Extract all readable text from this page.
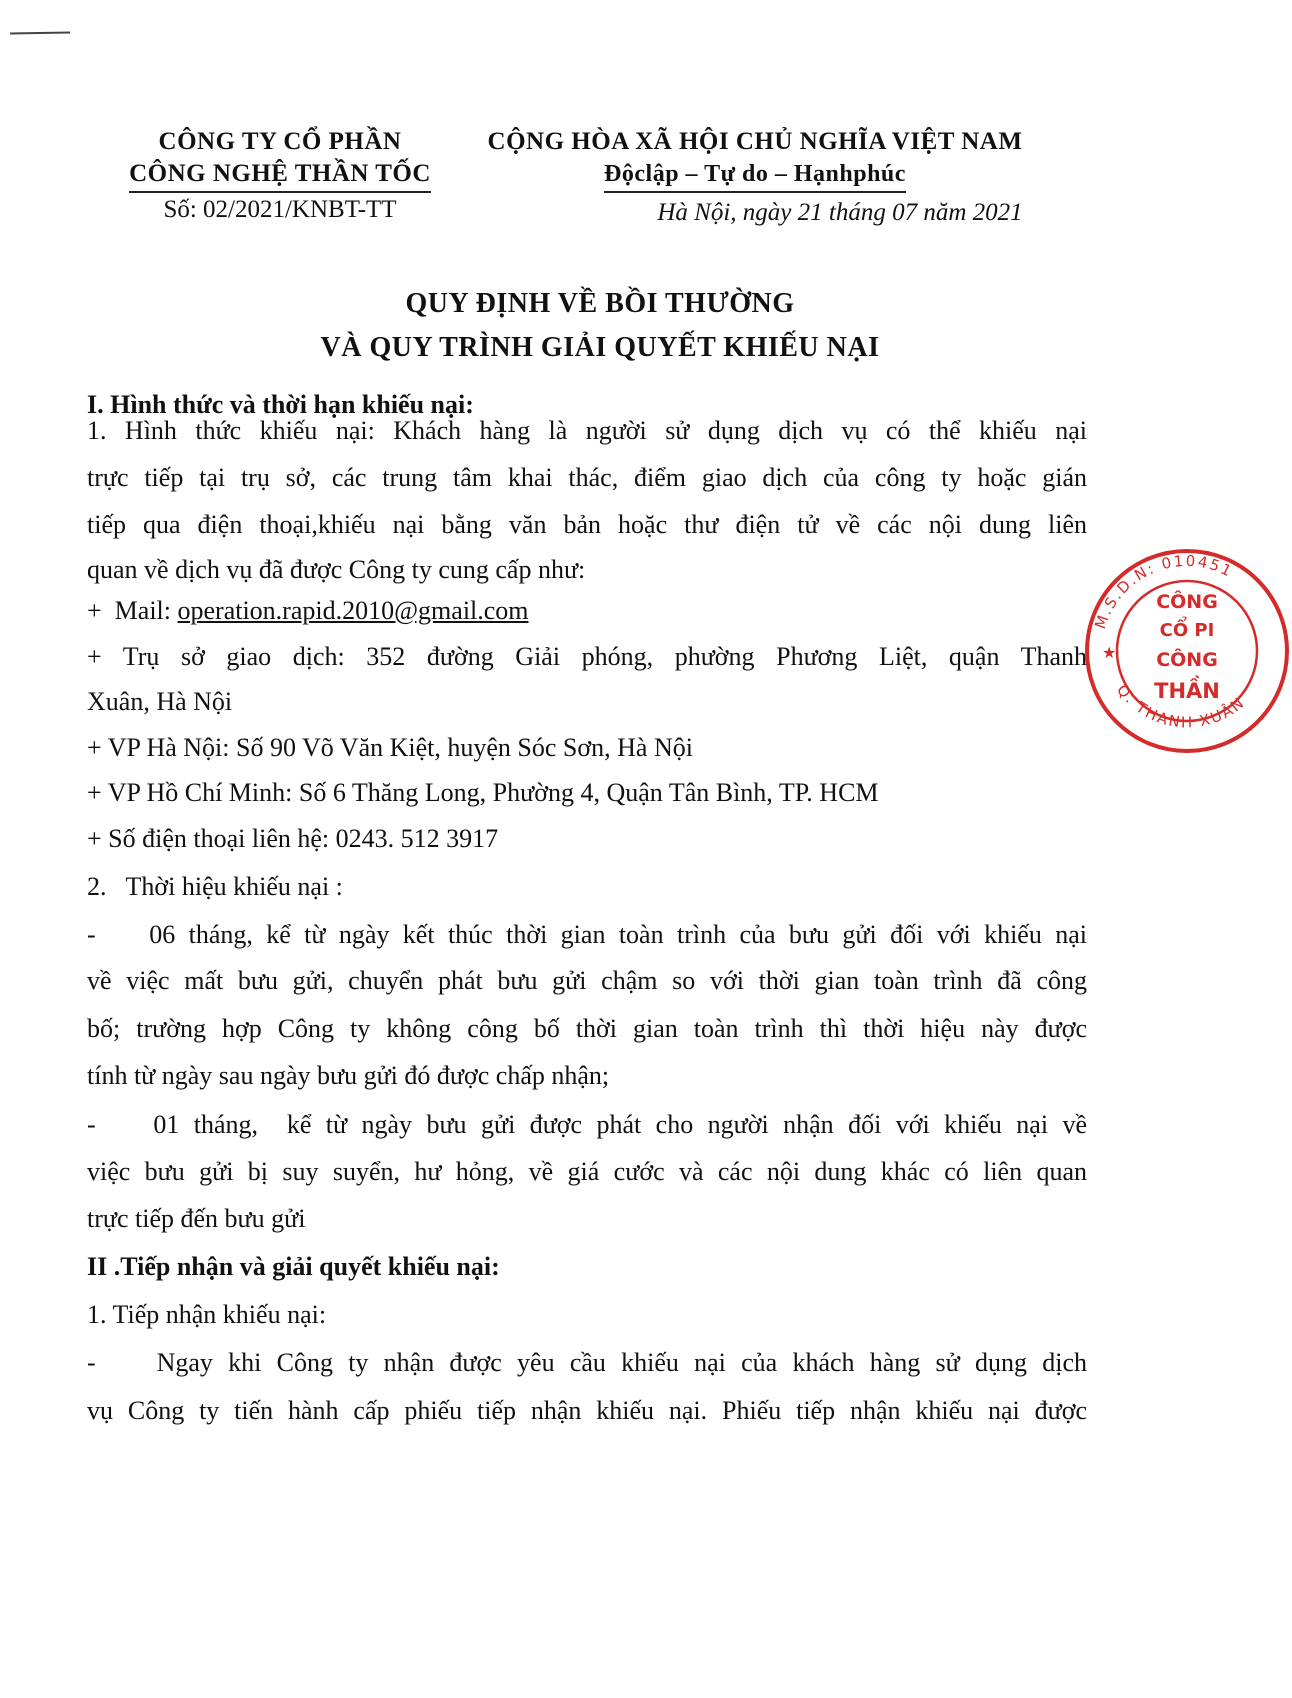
CÔNG TY CỔ PHẦN
CÔNG NGHỆ THẦN TỐC
Số: 02/2021/KNBT-TT
CỘNG HÒA XÃ HỘI CHỦ NGHĨA VIỆT NAM
Độclập – Tự do – Hạnhphúc
Hà Nội, ngày 21 tháng 07 năm 2021
QUY ĐỊNH VỀ BỒI THƯỜNG
VÀ QUY TRÌNH GIẢI QUYẾT KHIẾU NẠI
I. Hình thức và thời hạn khiếu nại:
1. Hình thức khiếu nại: Khách hàng là người sử dụng dịch vụ có thể khiếu nại
trực tiếp tại trụ sở, các trung tâm khai thác, điểm giao dịch của công ty hoặc gián
tiếp qua điện thoại,khiếu nại bằng văn bản hoặc thư điện tử về các nội dung liên
quan về dịch vụ đã được Công ty cung cấp như:
+  Mail: operation.rapid.2010@gmail.com
+ Trụ sở giao dịch: 352 đường Giải phóng, phường Phương Liệt, quận Thanh
Xuân, Hà Nội
+ VP Hà Nội: Số 90 Võ Văn Kiệt, huyện Sóc Sơn, Hà Nội
+ VP Hồ Chí Minh: Số 6 Thăng Long, Phường 4, Quận Tân Bình, TP. HCM
+ Số điện thoại liên hệ: 0243. 512 3917
2.   Thời hiệu khiếu nại :
-    06 tháng, kể từ ngày kết thúc thời gian toàn trình của bưu gửi đối với khiếu nại
về việc mất bưu gửi, chuyển phát bưu gửi chậm so với thời gian toàn trình đã công
bố; trường hợp Công ty không công bố thời gian toàn trình thì thời hiệu này được
tính từ ngày sau ngày bưu gửi đó được chấp nhận;
-    01 tháng,  kể từ ngày bưu gửi được phát cho người nhận đối với khiếu nại về
việc bưu gửi bị suy suyển, hư hỏng, về giá cước và các nội dung khác có liên quan
trực tiếp đến bưu gửi
II .Tiếp nhận và giải quyết khiếu nại:
1. Tiếp nhận khiếu nại:
-    Ngay khi Công ty nhận được yêu cầu khiếu nại của khách hàng sử dụng dịch
vụ Công ty tiến hành cấp phiếu tiếp nhận khiếu nại. Phiếu tiếp nhận khiếu nại được
M.S.D.N: 010451
Q. THANH XUÂN
★
CÔNG
CỔ PI
CÔNG
THẦN
